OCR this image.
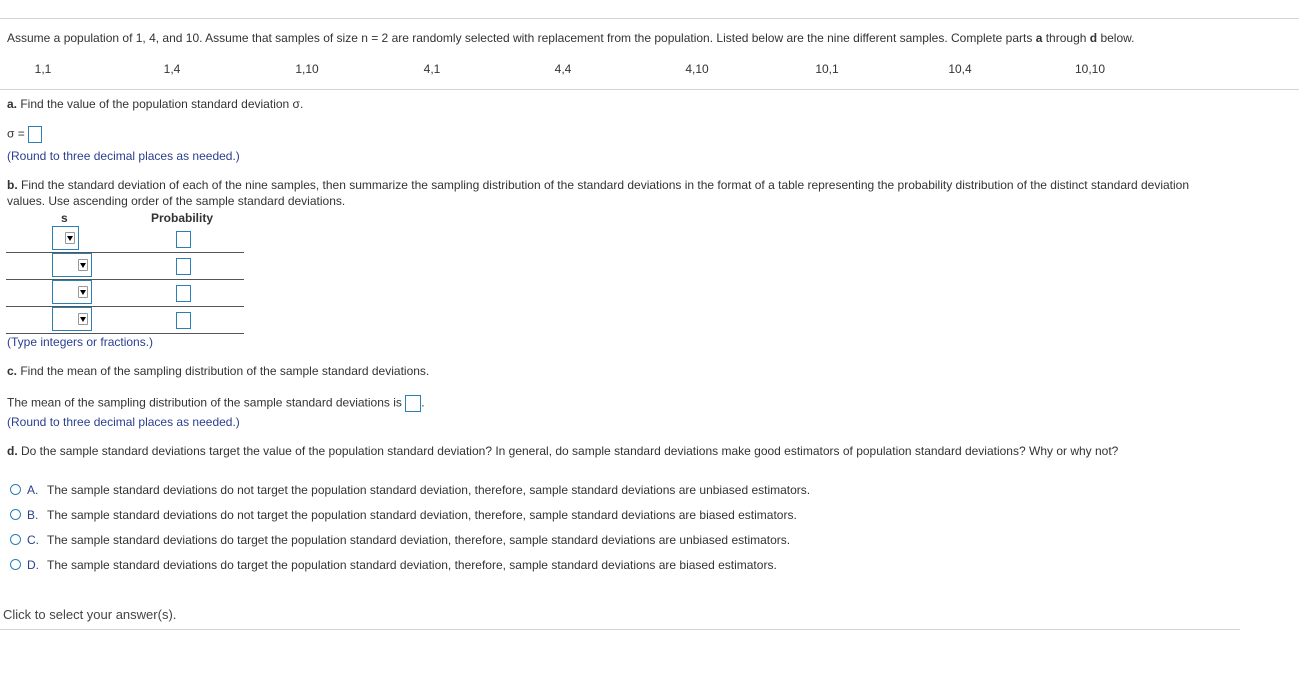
Assume a population of 1, 4, and 10. Assume that samples of size n = 2 are randomly selected with replacement from the population. Listed below are the nine different samples. Complete parts a through d below.
1,1	1,4	1,10	4,1	4,4	4,10	10,1	10,4	10,10
a. Find the value of the population standard deviation σ.
σ =
(Round to three decimal places as needed.)
b. Find the standard deviation of each of the nine samples, then summarize the sampling distribution of the standard deviations in the format of a table representing the probability distribution of the distinct standard deviation
values. Use ascending order of the sample standard deviations.
s	Probability
(Type integers or fractions.)
c. Find the mean of the sampling distribution of the sample standard deviations.
The mean of the sampling distribution of the sample standard deviations is .
(Round to three decimal places as needed.)
d. Do the sample standard deviations target the value of the population standard deviation? In general, do sample standard deviations make good estimators of population standard deviations? Why or why not?
A. The sample standard deviations do not target the population standard deviation, therefore, sample standard deviations are unbiased estimators.
B. The sample standard deviations do not target the population standard deviation, therefore, sample standard deviations are biased estimators.
C. The sample standard deviations do target the population standard deviation, therefore, sample standard deviations are unbiased estimators.
D. The sample standard deviations do target the population standard deviation, therefore, sample standard deviations are biased estimators.
Click to select your answer(s).
